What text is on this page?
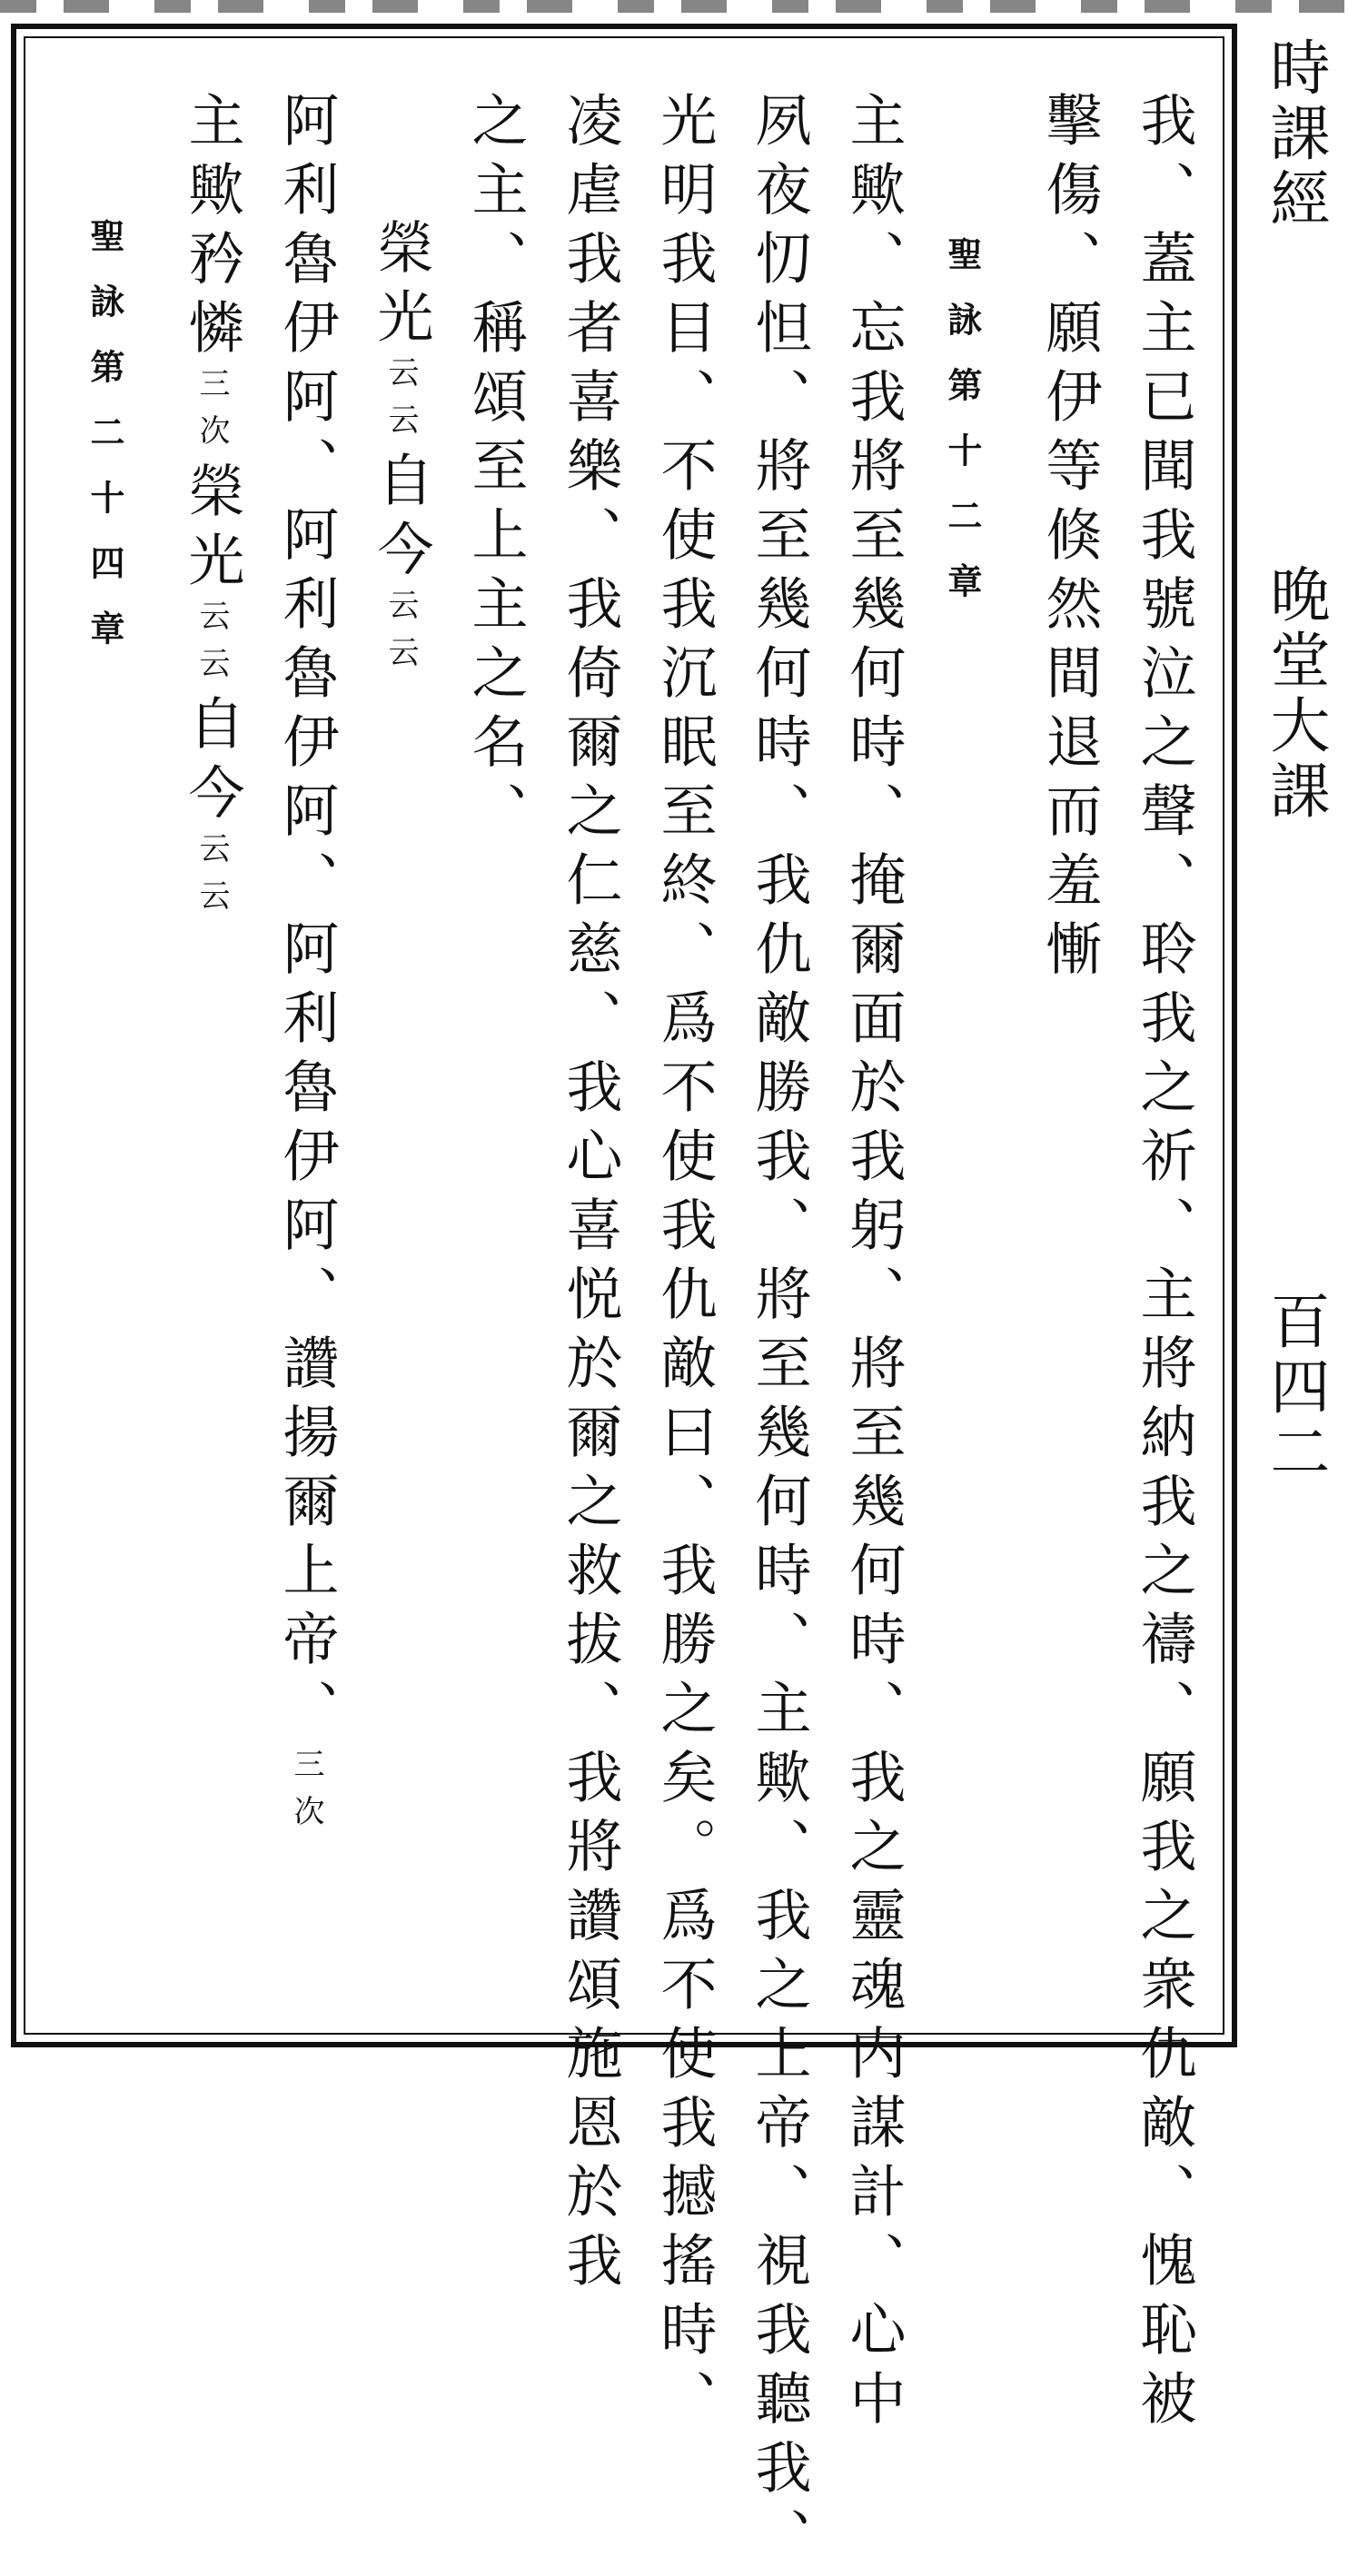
時課經
晚堂大課
百四二
我、蓋主已聞我號泣之聲、聆我之祈、主將納我之禱、願我之衆仇敵、愧恥被
擊傷、願伊等倏然間退而羞慚
聖詠第十二章
主歟、忘我將至幾何時、掩爾面於我躬、將至幾何時、我之靈魂内謀計、心中
夙夜忉怛、將至幾何時、我仇敵勝我、將至幾何時、主歟、我之上帝、視我聽我、
光明我目、不使我沉眠至終、爲不使我仇敵曰、我勝之矣。爲不使我撼搖時、
凌虐我者喜樂、我倚爾之仁慈、我心喜悦於爾之救拔、我將讚頌施恩於我
之主、稱頌至上主之名、
榮光云云自今云云
阿利魯伊阿、阿利魯伊阿、阿利魯伊阿、讚揚爾上帝、三次
主歟矜憐三次榮光云云自今云云
聖詠第二十四章
